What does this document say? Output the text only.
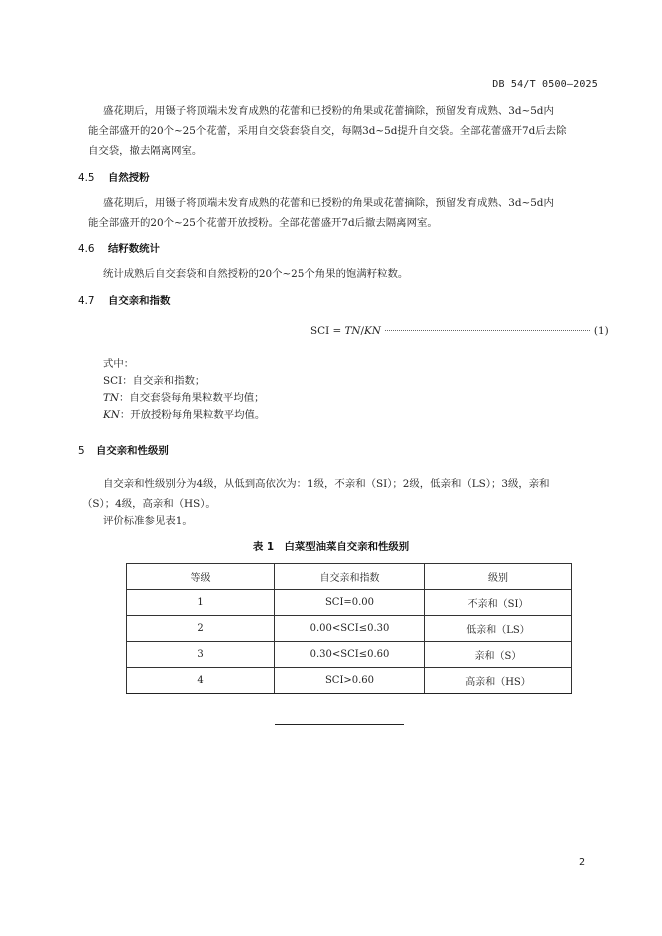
DB 54/T 0500—2025
盛花期后，用镊子将顶端未发育成熟的花蕾和已授粉的角果或花蕾摘除，预留发育成熟、3d~5d内
能全部盛开的20个~25个花蕾，采用自交袋套袋自交，每隔3d~5d提升自交袋。全部花蕾盛开7d后去除
自交袋，撤去隔离网室。
4.5 自然授粉
盛花期后，用镊子将顶端未发育成熟的花蕾和已授粉的角果或花蕾摘除，预留发育成熟、3d~5d内
能全部盛开的20个~25个花蕾开放授粉。全部花蕾盛开7d后撤去隔离网室。
4.6 结籽数统计
统计成熟后自交套袋和自然授粉的20个~25个角果的饱满籽粒数。
4.7 自交亲和指数
SCI =
TN / KN	(1)
式中：
SCI：自交亲和指数；
TN：自交套袋每角果粒数平均值；
KN：开放授粉每角果粒数平均值。
5 自交亲和性级别
自交亲和性级别分为4级，从低到高依次为：1级，不亲和（SI）；2级，低亲和（LS）；3级，亲和
（S）；4级，高亲和（HS）。
评价标准参见表1。
表 1　白菜型油菜自交亲和性级别
等级	自交亲和指数	级别
1	SCI=0.00	不亲和（SI）
2	0.00<SCI≤0.30	低亲和（LS）
3	0.30<SCI≤0.60	亲和（S）
4	SCI>0.60	高亲和（HS）
2
